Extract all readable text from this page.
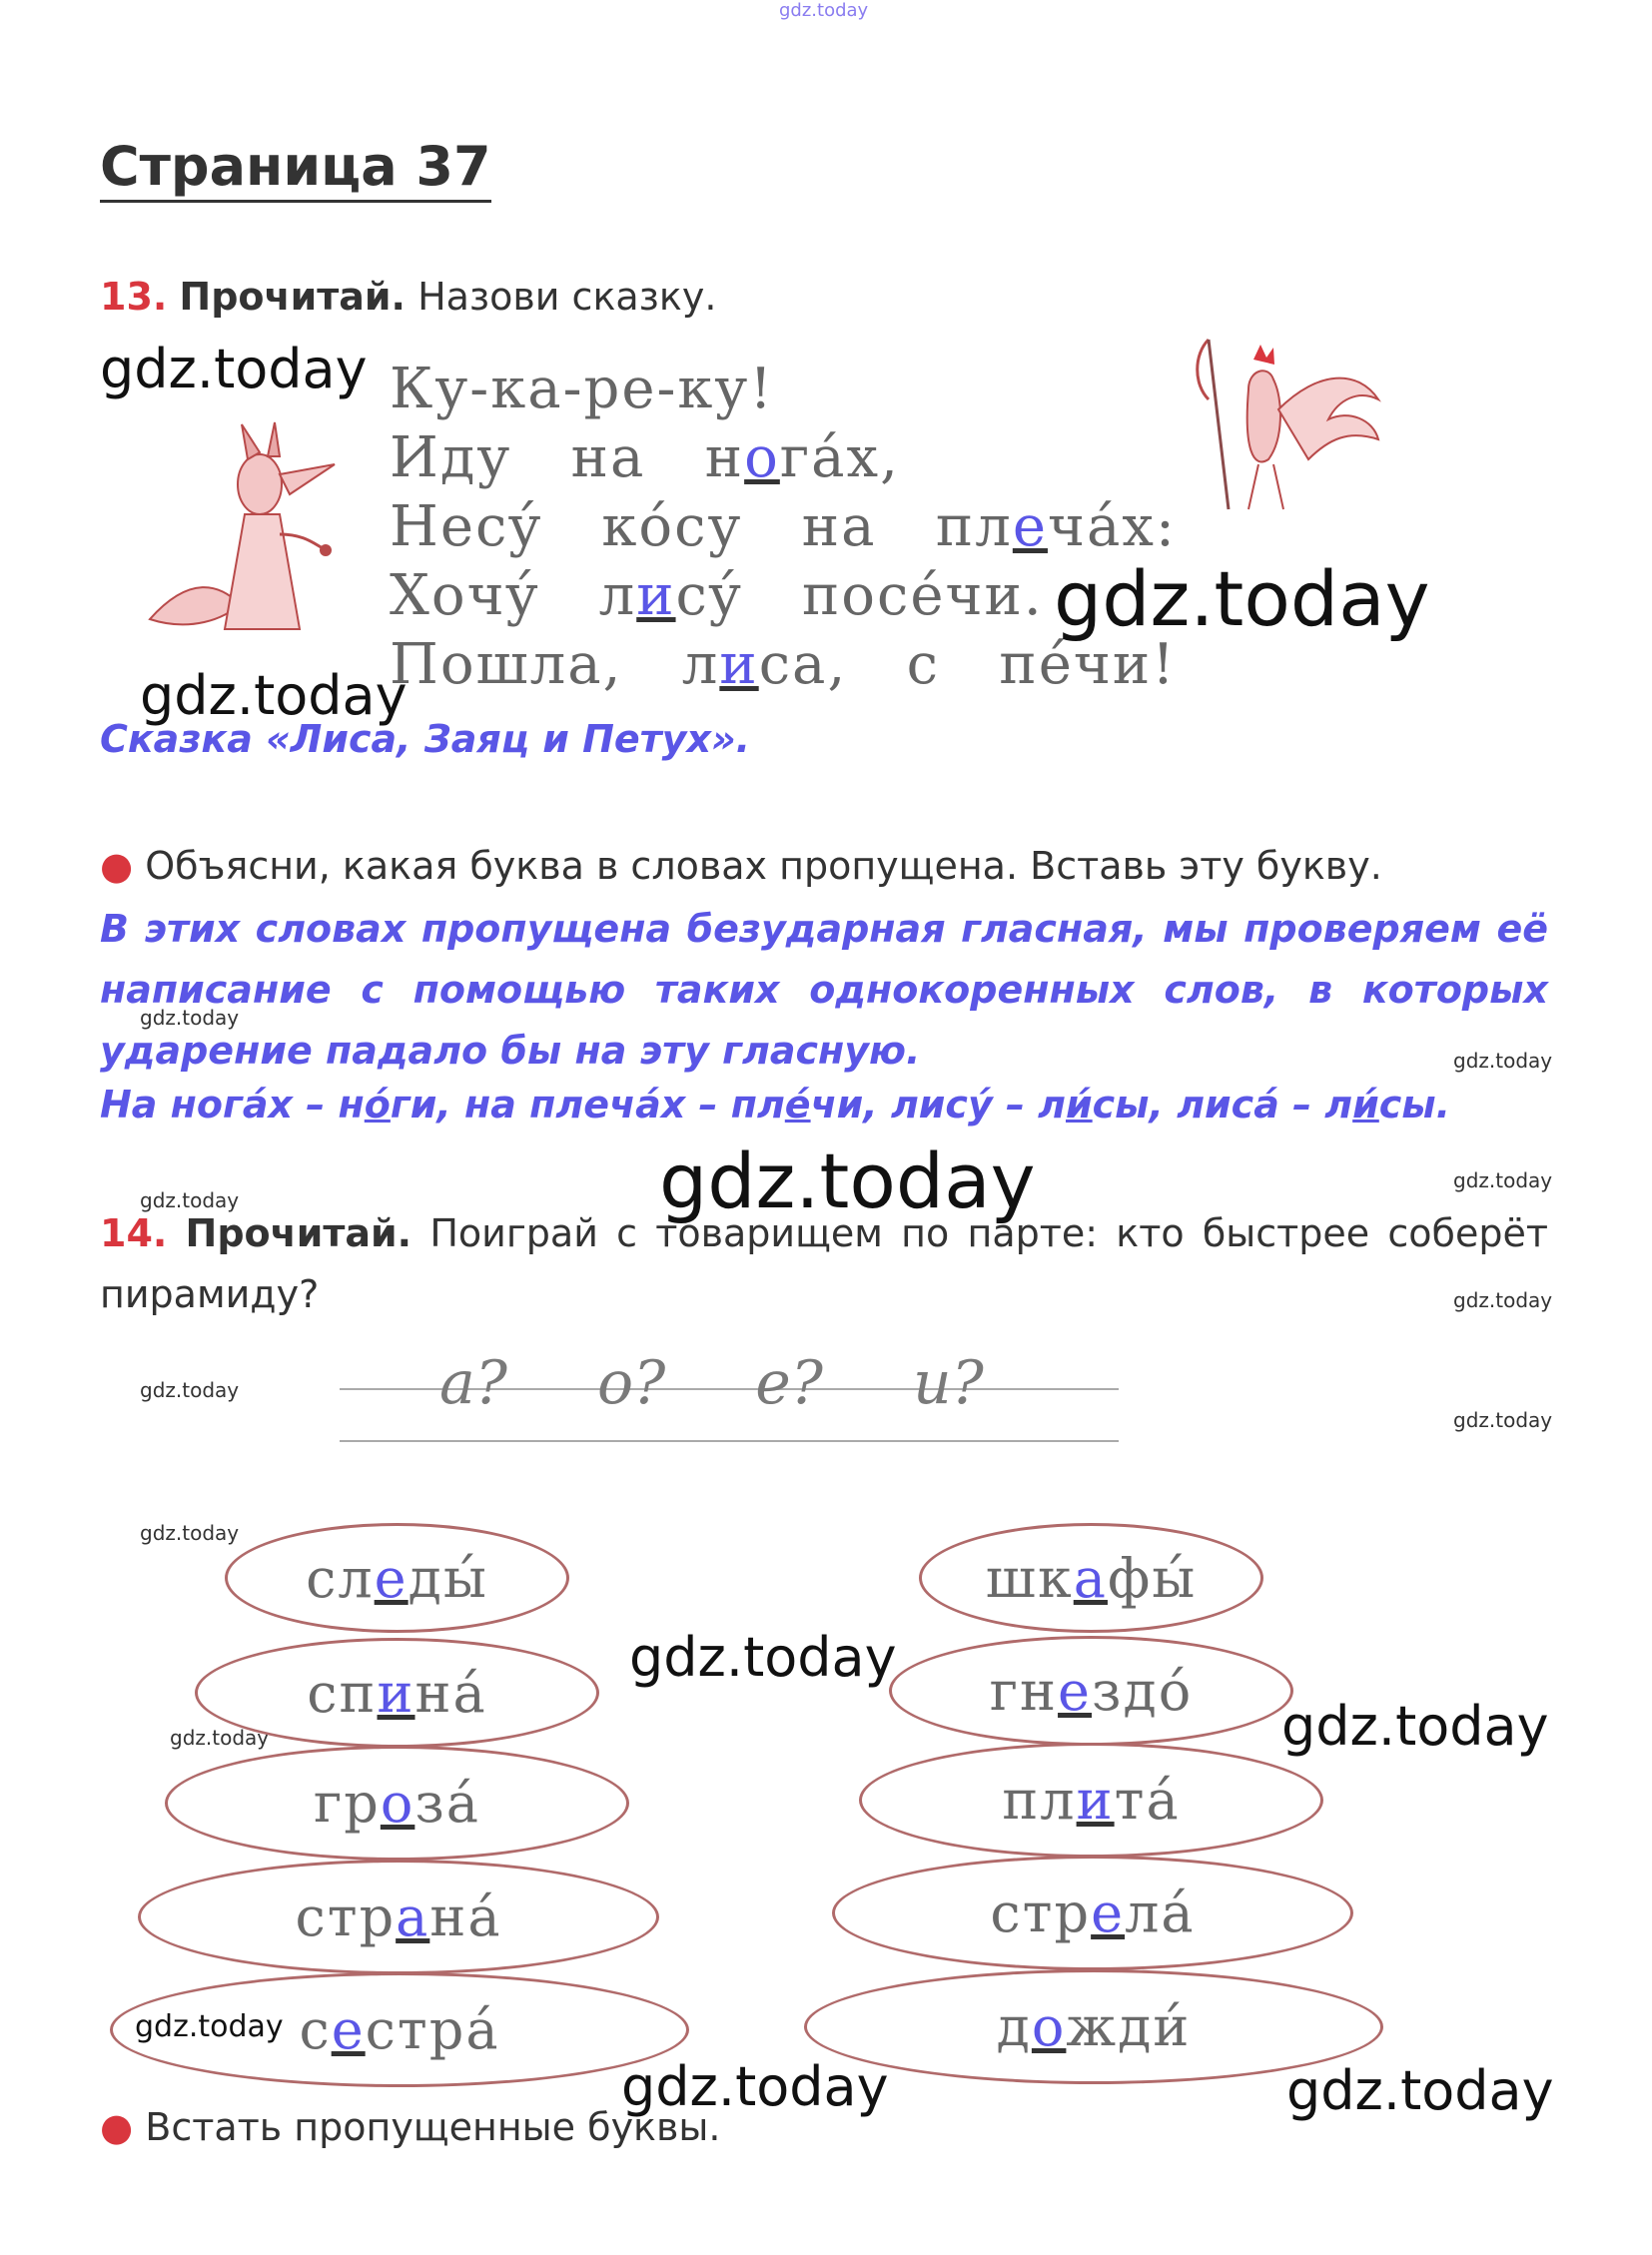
gdz.today
Страница 37
13. Прочитай. Назови сказку.
Ку-ка-ре-ку!
Иду   на   ногáх,
Несý   кóсу   на   плечáх:
Хочý   лисý   посéчи.
Пошла,   лиса,   с   пéчи!
gdz.today
gdz.today
gdz.today
Сказка «Лиса, Заяц и Петух».
● Объясни, какая буква в словах пропущена. Вставь эту букву.
В этих словах пропущена безударная гласная, мы проверяем её написание с помощью таких однокоренных слов, в которых ударение падало бы на эту гласную.
На ногáх – нóги, на плечáх – плéчи, лисý – ли́сы, лисá – ли́сы.
gdz.today
gdz.today
gdz.today
gdz.today	gdz.today
14. Прочитай. Поиграй с товарищем по парте: кто быстрее соберёт пирамиду?	gdz.today
gdz.today
gdz.today
а? о? е? и?
gdz.today
gdz.today
gdz.today	gdz.today
сл е ды́
сп и нá
гр о зá
стр а нá
с е стрá
шк а фы́
гн е здó
пл и тá
стр е лá
д о жди́
gdz.today
gdz.today	gdz.today
● Встать пропущенные буквы.
